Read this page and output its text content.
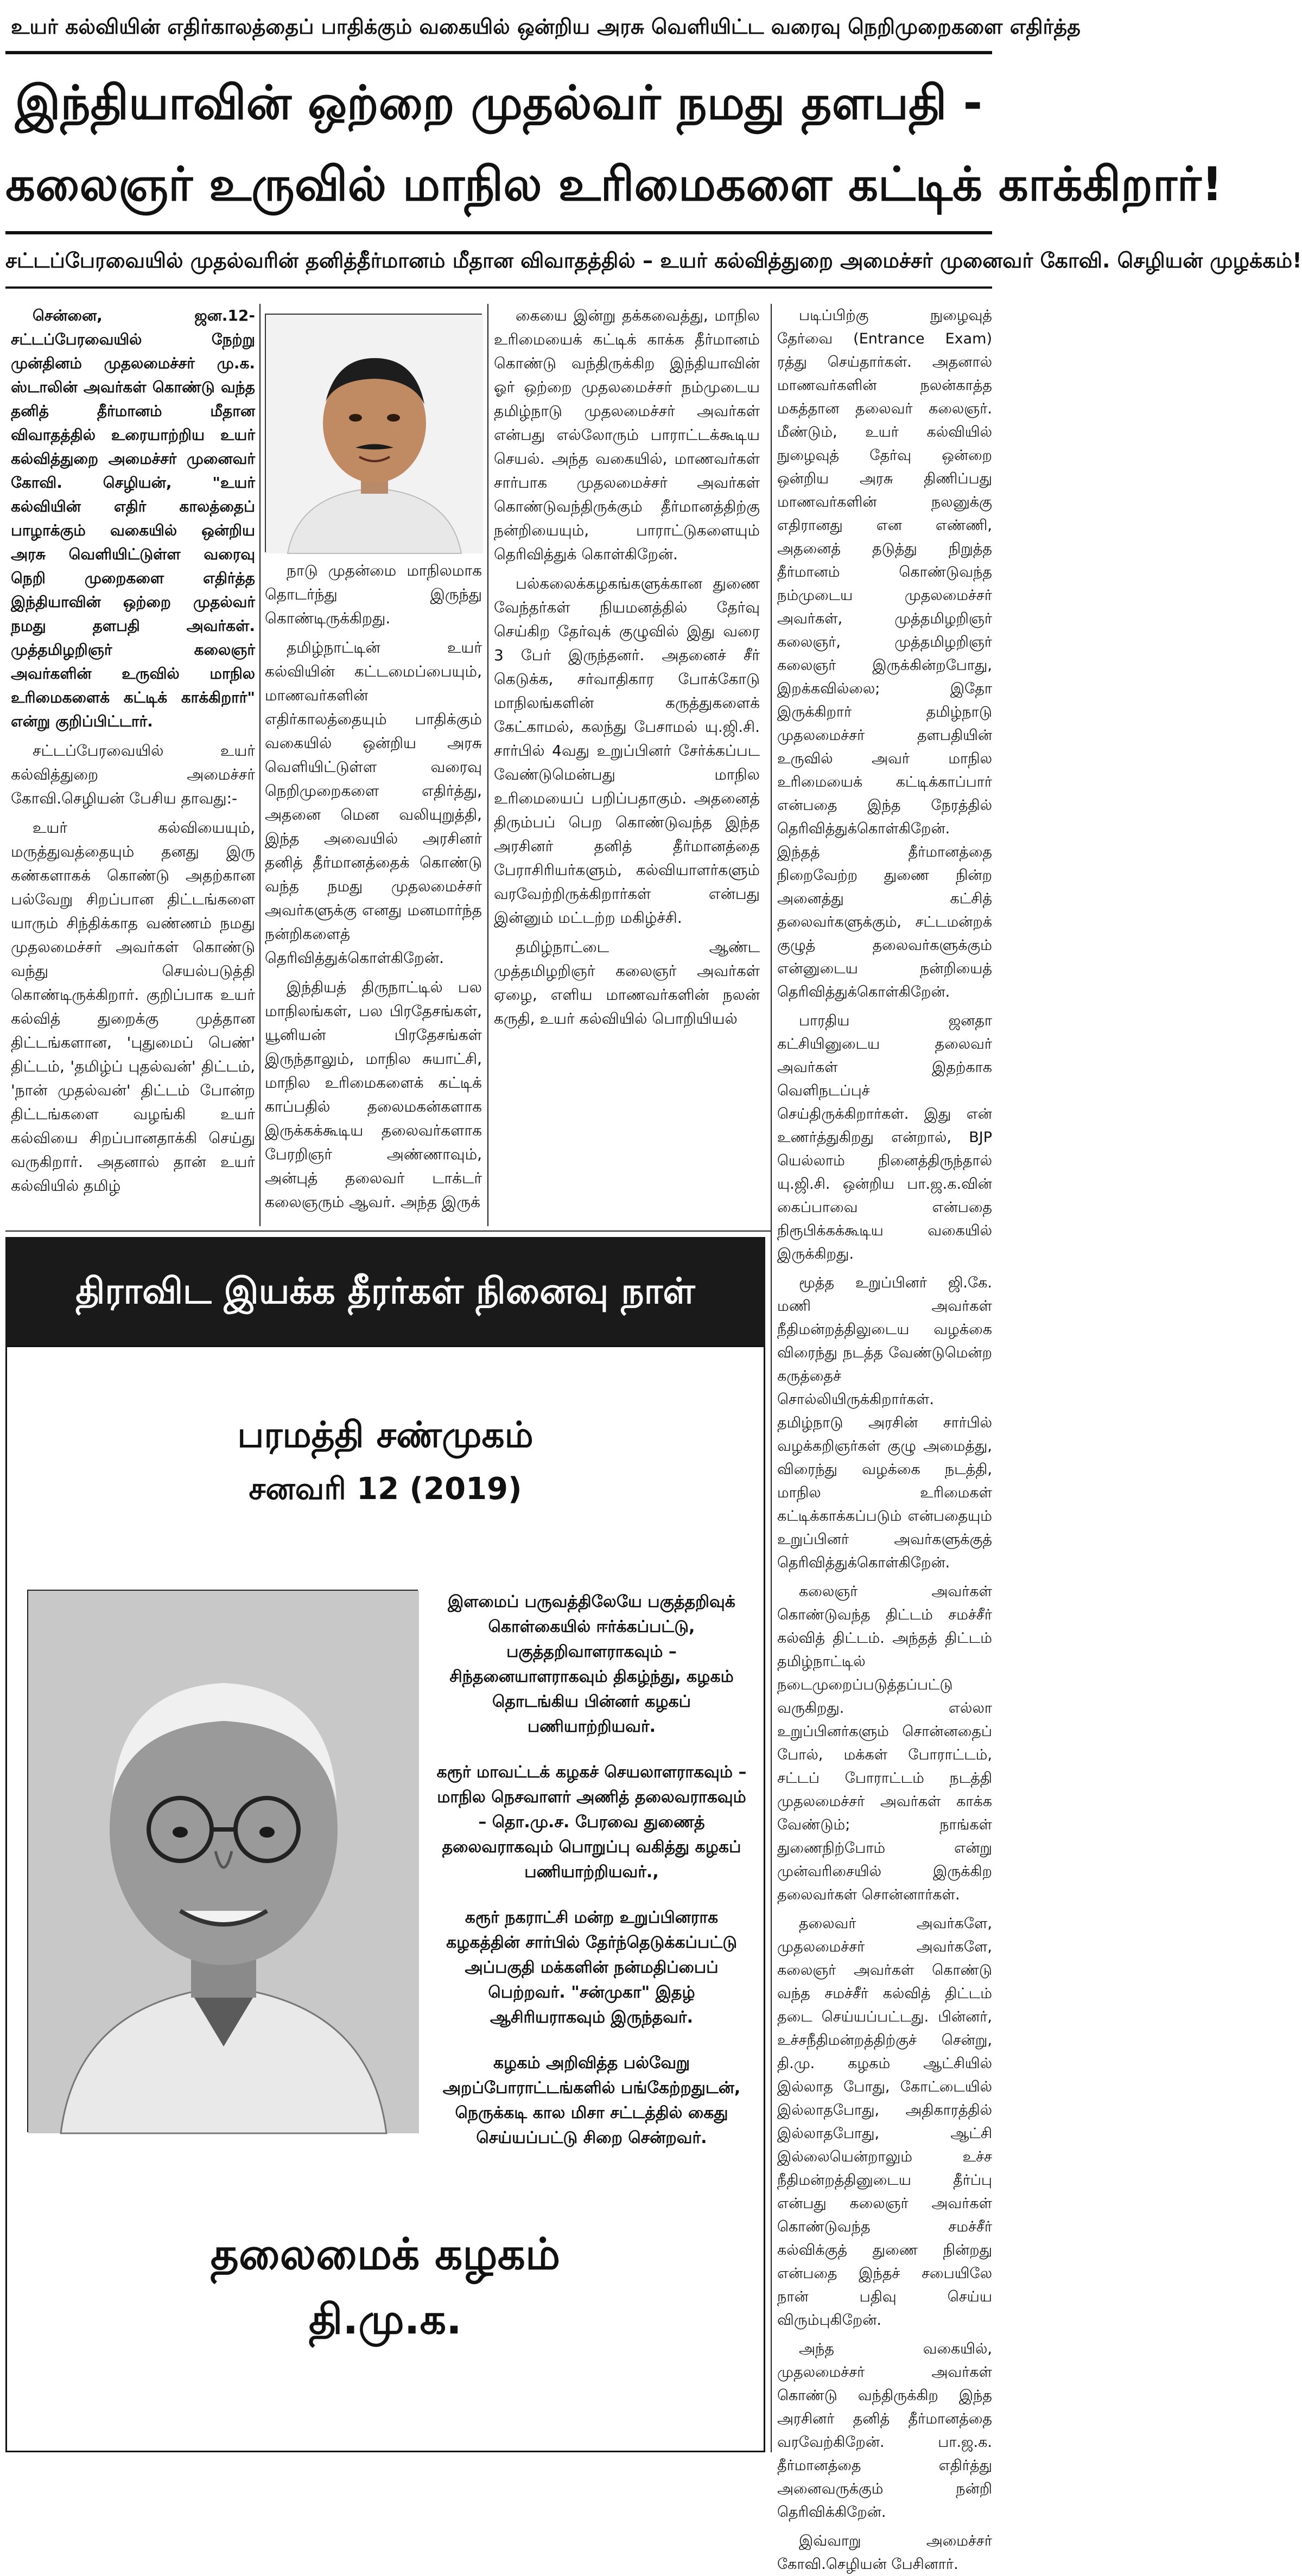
உயர் கல்வியின் எதிர்காலத்தைப் பாதிக்கும் வகையில் ஒன்றிய அரசு வெளியிட்ட வரைவு நெறிமுறைகளை எதிர்த்த
இந்தியாவின் ஒற்றை முதல்வர் நமது தளபதி -
கலைஞர் உருவில் மாநில உரிமைகளை கட்டிக் காக்கிறார்!
சட்டப்பேரவையில் முதல்வரின் தனித்தீர்மானம் மீதான விவாதத்தில் – உயர் கல்வித்துறை அமைச்சர் முனைவர் கோவி. செழியன் முழக்கம்!

சென்னை, ஜன.12- சட்டப்பேரவையில் நேற்று முன்தினம் முதலமைச்சர் மு.க. ஸ்டாலின் அவர்கள் கொண்டு வந்த தனித் தீர்மானம் மீதான விவாதத்தில் உரையாற்றிய உயர் கல்வித்துறை அமைச்சர் முனைவர் கோவி. செழியன், "உயர் கல்வியின் எதிர் காலத்தைப் பாழாக்கும் வகையில் ஒன்றிய அரசு வெளியிட்டுள்ள வரைவு நெறி முறைகளை எதிர்த்த இந்தியாவின் ஒற்றை முதல்வர் நமது தளபதி அவர்கள். முத்தமிழறிஞர் கலைஞர் அவர்களின் உருவில் மாநில உரிமைகளைக் கட்டிக் காக்கிறார்" என்று குறிப்பிட்டார்.

சட்டப்பேரவையில் உயர் கல்வித்துறை அமைச்சர் கோவி.செழியன் பேசிய தாவது:-

உயர் கல்வியையும், மருத்துவத்தையும் தனது இரு கண்களாகக் கொண்டு அதற்கான பல்வேறு சிறப்பான திட்டங்களை யாரும் சிந்திக்காத வண்ணம் நமது முதலமைச்சர் அவர்கள் கொண்டு வந்து செயல்படுத்தி கொண்டிருக்கிறார். குறிப்பாக உயர் கல்வித் துறைக்கு முத்தான திட்டங்களான, 'புதுமைப் பெண்' திட்டம், 'தமிழ்ப் புதல்வன்' திட்டம், 'நான் முதல்வன்' திட்டம் போன்ற திட்டங்களை வழங்கி உயர் கல்வியை சிறப்பானதாக்கி செய்து வருகிறார். அதனால் தான் உயர் கல்வியில் தமிழ்

நாடு முதன்மை மாநிலமாக தொடர்ந்து இருந்து கொண்டிருக்கிறது.

தமிழ்நாட்டின் உயர் கல்வியின் கட்டமைப்பையும், மாணவர்களின் எதிர்காலத்தையும் பாதிக்கும் வகையில் ஒன்றிய அரசு வெளியிட்டுள்ள வரைவு நெறிமுறைகளை எதிர்த்து, அதனை மென வலியுறுத்தி, இந்த அவையில் அரசினர் தனித் தீர்மானத்தைக் கொண்டு வந்த நமது முதலமைச்சர் அவர்களுக்கு எனது மனமார்ந்த நன்றிகளைத் தெரிவித்துக்கொள்கிறேன்.

இந்தியத் திருநாட்டில் பல மாநிலங்கள், பல பிரதேசங்கள், யூனியன் பிரதேசங்கள் இருந்தாலும், மாநில சுயாட்சி, மாநில உரிமைகளைக் கட்டிக் காப்பதில் தலைமகன்களாக இருக்கக்கூடிய தலைவர்களாக பேரறிஞர் அண்ணாவும், அன்புத் தலைவர் டாக்டர் கலைஞரும் ஆவர். அந்த இருக்

கையை இன்று தக்கவைத்து, மாநில உரிமையைக் கட்டிக் காக்க தீர்மானம் கொண்டு வந்திருக்கிற இந்தியாவின் ஓர் ஒற்றை முதலமைச்சர் நம்முடைய தமிழ்நாடு முதலமைச்சர் அவர்கள் என்பது எல்லோரும் பாராட்டக்கூடிய செயல். அந்த வகையில், மாணவர்கள் சார்பாக முதலமைச்சர் அவர்கள் கொண்டுவந்திருக்கும் தீர்மானத்திற்கு நன்றியையும், பாராட்டுகளையும் தெரிவித்துக் கொள்கிறேன்.

பல்கலைக்கழகங்களுக்கான துணை வேந்தர்கள் நியமனத்தில் தேர்வு செய்கிற தேர்வுக் குழுவில் இது வரை 3 பேர் இருந்தனர். அதனைச் சீர் கெடுக்க, சர்வாதிகார போக்கோடு மாநிலங்களின் கருத்துகளைக் கேட்காமல், கலந்து பேசாமல் யு.ஜி.சி. சார்பில் 4வது உறுப்பினர் சேர்க்கப்பட வேண்டுமென்பது மாநில உரிமையைப் பறிப்பதாகும். அதனைத் திரும்பப் பெற கொண்டுவந்த இந்த அரசினர் தனித் தீர்மானத்தை பேராசிரியர்களும், கல்வியாளர்களும் வரவேற்றிருக்கிறார்கள் என்பது இன்னும் மட்டற்ற மகிழ்ச்சி.

தமிழ்நாட்டை ஆண்ட முத்தமிழறிஞர் கலைஞர் அவர்கள் ஏழை, எளிய மாணவர்களின் நலன் கருதி, உயர் கல்வியில் பொறியியல்

படிப்பிற்கு நுழைவுத் தேர்வை (Entrance Exam) ரத்து செய்தார்கள். அதனால் மாணவர்களின் நலன்காத்த மகத்தான தலைவர் கலைஞர். மீண்டும், உயர் கல்வியில் நுழைவுத் தேர்வு ஒன்றை ஒன்றிய அரசு திணிப்பது மாணவர்களின் நலனுக்கு எதிரானது என எண்ணி, அதனைத் தடுத்து நிறுத்த தீர்மானம் கொண்டுவந்த நம்முடைய முதலமைச்சர் அவர்கள், முத்தமிழறிஞர் கலைஞர், முத்தமிழறிஞர் கலைஞர் இருக்கின்றபோது, இறக்கவில்லை; இதோ இருக்கிறார் தமிழ்நாடு முதலமைச்சர் தளபதியின் உருவில் அவர் மாநில உரிமையைக் கட்டிக்காப்பார் என்பதை இந்த நேரத்தில் தெரிவித்துக்கொள்கிறேன். இந்தத் தீர்மானத்தை நிறைவேற்ற துணை நின்ற அனைத்து கட்சித் தலைவர்களுக்கும், சட்டமன்றக் குழுத் தலைவர்களுக்கும் என்னுடைய நன்றியைத் தெரிவித்துக்கொள்கிறேன்.

பாரதிய ஜனதா கட்சியினுடைய தலைவர் அவர்கள் இதற்காக வெளிநடப்புச் செய்திருக்கிறார்கள். இது என் உணர்த்துகிறது என்றால், BJP யெல்லாம் நினைத்திருந்தால் யு.ஜி.சி. ஒன்றிய பா.ஜ.க.வின் கைப்பாவை என்பதை நிரூபிக்கக்கூடிய வகையில் இருக்கிறது.

மூத்த உறுப்பினர் ஜி.கே. மணி அவர்கள் நீதிமன்றத்திலுடைய வழக்கை விரைந்து நடத்த வேண்டுமென்ற கருத்தைச் சொல்லியிருக்கிறார்கள். தமிழ்நாடு அரசின் சார்பில் வழக்கறிஞர்கள் குழு அமைத்து, விரைந்து வழக்கை நடத்தி, மாநில உரிமைகள் கட்டிக்காக்கப்படும் என்பதையும் உறுப்பினர் அவர்களுக்குத் தெரிவித்துக்கொள்கிறேன்.

கலைஞர் அவர்கள் கொண்டுவந்த திட்டம் சமச்சீர் கல்வித் திட்டம். அந்தத் திட்டம் தமிழ்நாட்டில் நடைமுறைப்படுத்தப்பட்டு வருகிறது. எல்லா உறுப்பினர்களும் சொன்னதைப் போல், மக்கள் போராட்டம், சட்டப் போராட்டம் நடத்தி முதலமைச்சர் அவர்கள் காக்க வேண்டும்; நாங்கள் துணைநிற்போம் என்று முன்வரிசையில் இருக்கிற தலைவர்கள் சொன்னார்கள்.

தலைவர் அவர்களே, முதலமைச்சர் அவர்களே, கலைஞர் அவர்கள் கொண்டு வந்த சமச்சீர் கல்வித் திட்டம் தடை செய்யப்பட்டது. பின்னர், உச்சநீதிமன்றத்திற்குச் சென்று, தி.மு. கழகம் ஆட்சியில் இல்லாத போது, கோட்டையில் இல்லாதபோது, அதிகாரத்தில் இல்லாதபோது, ஆட்சி இல்லையென்றாலும் உச்ச நீதிமன்றத்தினுடைய தீர்ப்பு என்பது கலைஞர் அவர்கள் கொண்டுவந்த சமச்சீர் கல்விக்குத் துணை நின்றது என்பதை இந்தச் சபையிலே நான் பதிவு செய்ய விரும்புகிறேன்.

அந்த வகையில், முதலமைச்சர் அவர்கள் கொண்டு வந்திருக்கிற இந்த அரசினர் தனித் தீர்மானத்தை வரவேற்கிறேன். பா.ஜ.க. தீர்மானத்தை எதிர்த்து அனைவருக்கும் நன்றி தெரிவிக்கிறேன்.

இவ்வாறு அமைச்சர் கோவி.செழியன் பேசினார்.

திராவிட இயக்க தீரர்கள் நினைவு நாள்
பரமத்தி சண்முகம்
சனவரி 12 (2019)

இளமைப் பருவத்திலேயே பகுத்தறிவுக் கொள்கையில் ஈர்க்கப்பட்டு, பகுத்தறிவாளராகவும் – சிந்தனையாளராகவும் திகழ்ந்து, கழகம் தொடங்கிய பின்னர் கழகப் பணியாற்றியவர்.

கரூர் மாவட்டக் கழகச் செயலாளராகவும் – மாநில நெசவாளர் அணித் தலைவராகவும் – தொ.மு.ச. பேரவை துணைத் தலைவராகவும் பொறுப்பு வகித்து கழகப் பணியாற்றியவர்.,

கரூர் நகராட்சி மன்ற உறுப்பினராக கழகத்தின் சார்பில் தேர்ந்தெடுக்கப்பட்டு அப்பகுதி மக்களின் நன்மதிப்பைப் பெற்றவர். "சன்முகா" இதழ் ஆசிரியராகவும் இருந்தவர்.

கழகம் அறிவித்த பல்வேறு அறப்போராட்டங்களில் பங்கேற்றதுடன், நெருக்கடி கால மிசா சட்டத்தில் கைது செய்யப்பட்டு சிறை சென்றவர்.

தலைமைக் கழகம்
தி.மு.க.
